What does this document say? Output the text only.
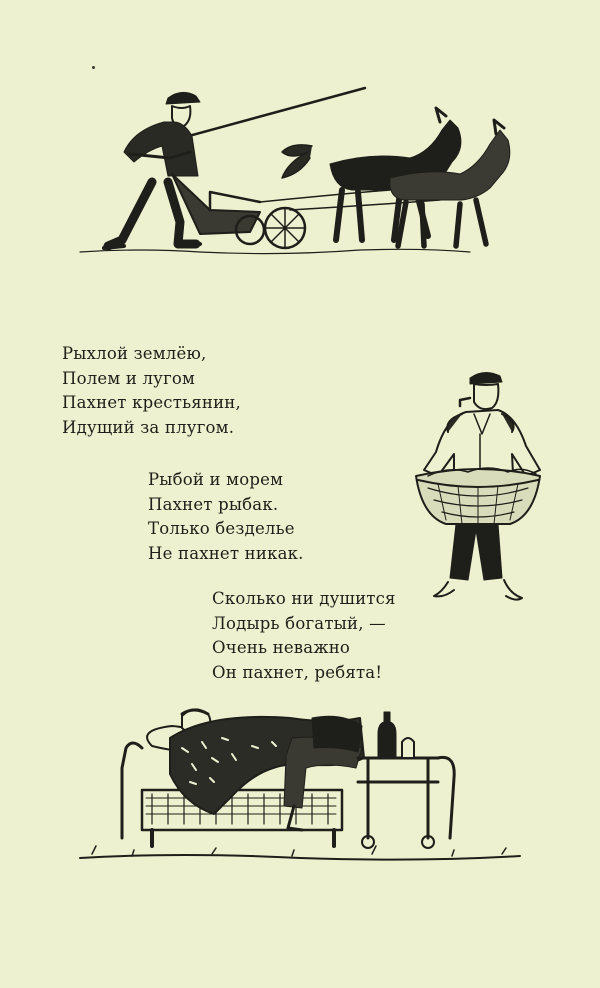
Рыхлой землёю,
Полем и лугом
Пахнет крестьянин,
Идущий за плугом.
Рыбой и морем
Пахнет рыбак.
Только безделье
Не пахнет никак.
Сколько ни душится
Лодырь богатый, —
Очень неважно
Он пахнет, ребята!
